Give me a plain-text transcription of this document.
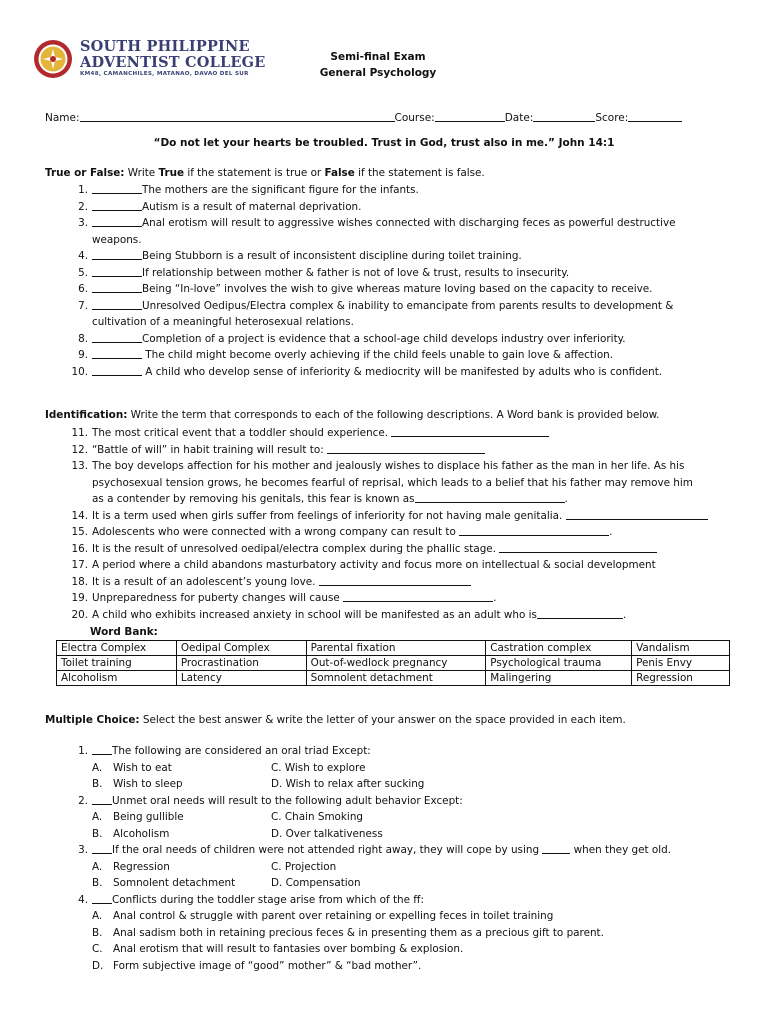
SOUTH PHILIPPINE
ADVENTIST COLLEGE
KM48, CAMANCHILES, MATANAO, DAVAO DEL SUR
Semi-final Exam
General Psychology
Name:	Course:	Date:	Score:
“Do not let your hearts be troubled. Trust in God, trust also in me.” John 14:1
True or False: Write True if the statement is true or False if the statement is false.
1.	The mothers are the significant figure for the infants.
2.	Autism is a result of maternal deprivation.
3.	Anal erotism will result to aggressive wishes connected with discharging feces as powerful destructive
weapons.
4.	Being Stubborn is a result of inconsistent discipline during toilet training.
5.	If relationship between mother & father is not of love & trust, results to insecurity.
6.	Being “In-love” involves the wish to give whereas mature loving based on the capacity to receive.
7.	Unresolved Oedipus/Electra complex & inability to emancipate from parents results to development &
cultivation of a meaningful heterosexual relations.
8.	Completion of a project is evidence that a school-age child develops industry over inferiority.
9.	The child might become overly achieving if the child feels unable to gain love & affection.
10.	A child who develop sense of inferiority & mediocrity will be manifested by adults who is confident.
Identification: Write the term that corresponds to each of the following descriptions. A Word bank is provided below.
11. The most critical event that a toddler should experience.
12. “Battle of will” in habit training will result to:
13. The boy develops affection for his mother and jealously wishes to displace his father as the man in her life. As his
psychosexual tension grows, he becomes fearful of reprisal, which leads to a belief that his father may remove him
as a contender by removing his genitals, this fear is known as	.
14. It is a term used when girls suffer from feelings of inferiority for not having male genitalia.
15. Adolescents who were connected with a wrong company can result to	.
16. It is the result of unresolved oedipal/electra complex during the phallic stage.
17. A period where a child abandons masturbatory activity and focus more on intellectual & social development
18. It is a result of an adolescent’s young love.
19. Unpreparedness for puberty changes will cause	.
20. A child who exhibits increased anxiety in school will be manifested as an adult who is	.
Word Bank:
Electra Complex	Oedipal Complex	Parental fixation	Castration complex	Vandalism
Toilet training	Procrastination	Out-of-wedlock pregnancy	Psychological trauma	Penis Envy
Alcoholism	Latency	Somnolent detachment	Malingering	Regression
Multiple Choice: Select the best answer & write the letter of your answer on the space provided in each item.
1.	The following are considered an oral triad Except:
A. Wish to eat	C. Wish to explore
B. Wish to sleep	D. Wish to relax after sucking
2.	Unmet oral needs will result to the following adult behavior Except:
A. Being gullible	C. Chain Smoking
B. Alcoholism	D. Over talkativeness
3.	If the oral needs of children were not attended right away, they will cope by using	when they get old.
A. Regression	C. Projection
B. Somnolent detachment	D. Compensation
4.	Conflicts during the toddler stage arise from which of the ff:
A. Anal control & struggle with parent over retaining or expelling feces in toilet training
B. Anal sadism both in retaining precious feces & in presenting them as a precious gift to parent.
C. Anal erotism that will result to fantasies over bombing & explosion.
D. Form subjective image of “good” mother” & “bad mother”.
